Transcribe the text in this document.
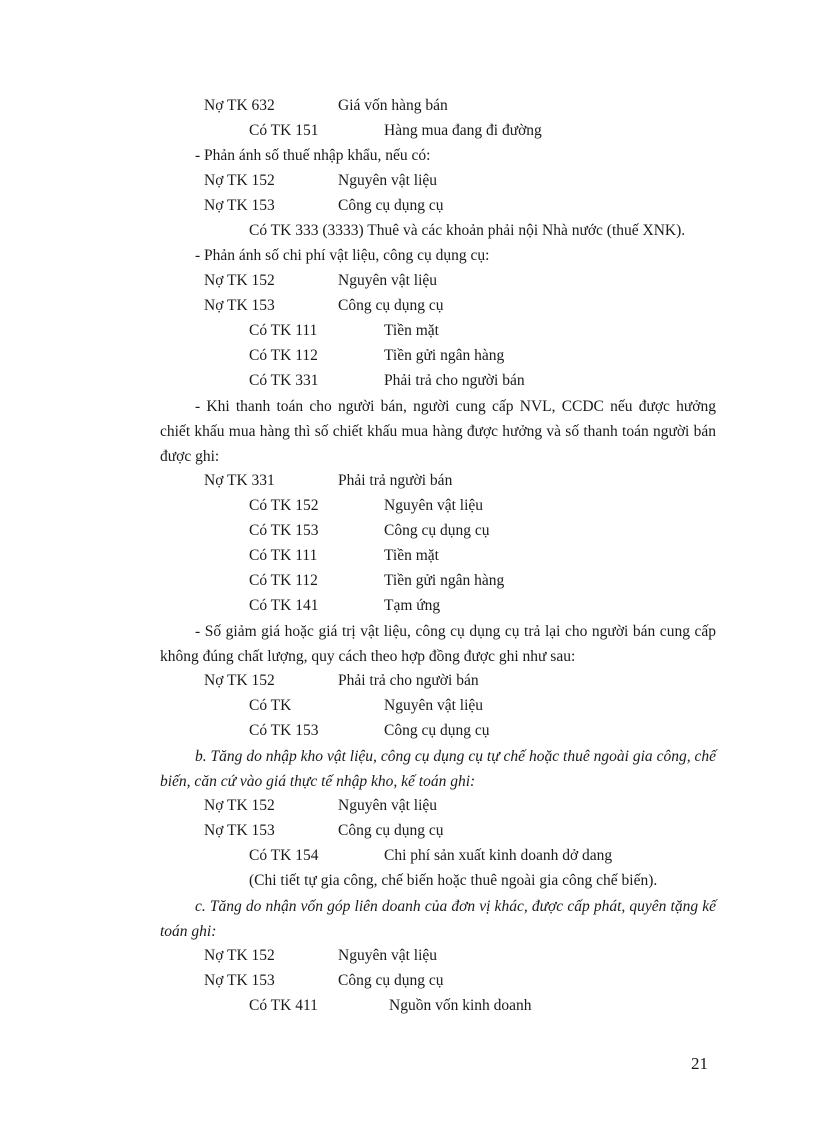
Nợ TK 632	Giá vốn hàng bán
Có TK 151	Hàng mua đang đi đường
- Phản ánh số thuế nhập khẩu, nếu có:
Nợ TK 152	Nguyên vật liệu
Nợ TK 153	Công cụ dụng cụ
Có TK 333 (3333) Thuê và các khoản phải nội Nhà nước (thuế XNK).
- Phản ánh số chi phí vật liệu, công cụ dụng cụ:
Nợ TK 152	Nguyên vật liệu
Nợ TK 153	Công cụ dụng cụ
Có TK 111	Tiền mặt
Có TK 112	Tiền gửi ngân hàng
Có TK 331	Phải trả cho người bán
- Khi thanh toán cho người bán, người cung cấp NVL, CCDC nếu được hưởng chiết khấu mua hàng thì số chiết khấu mua hàng được hưởng và số thanh toán người bán được ghi:
Nợ TK 331	Phải trả người bán
Có TK 152	Nguyên vật liệu
Có TK 153	Công cụ dụng cụ
Có TK 111	Tiền mặt
Có TK 112	Tiền gửi ngân hàng
Có TK 141	Tạm ứng
- Số giảm giá hoặc giá trị vật liệu, công cụ dụng cụ trả lại cho người bán cung cấp không đúng chất lượng, quy cách theo hợp đồng được ghi như sau:
Nợ TK 152	Phải trả cho người bán
Có TK	Nguyên vật liệu
Có TK 153	Công cụ dụng cụ
b. Tăng do nhập kho vật liệu, công cụ dụng cụ tự chế hoặc thuê ngoài gia công, chế biến, căn cứ vào giá thực tế nhập kho, kế toán ghi:
Nợ TK 152	Nguyên vật liệu
Nợ TK 153	Công cụ dụng cụ
Có TK 154	Chi phí sản xuất kinh doanh dở dang
(Chi tiết tự gia công, chế biến hoặc thuê ngoài gia công chế biến).
c. Tăng do nhận vốn góp liên doanh của đơn vị khác, được cấp phát, quyên tặng kế toán ghi:
Nợ TK 152	Nguyên vật liệu
Nợ TK 153	Công cụ dụng cụ
Có TK 411	Nguồn vốn kinh doanh
21
